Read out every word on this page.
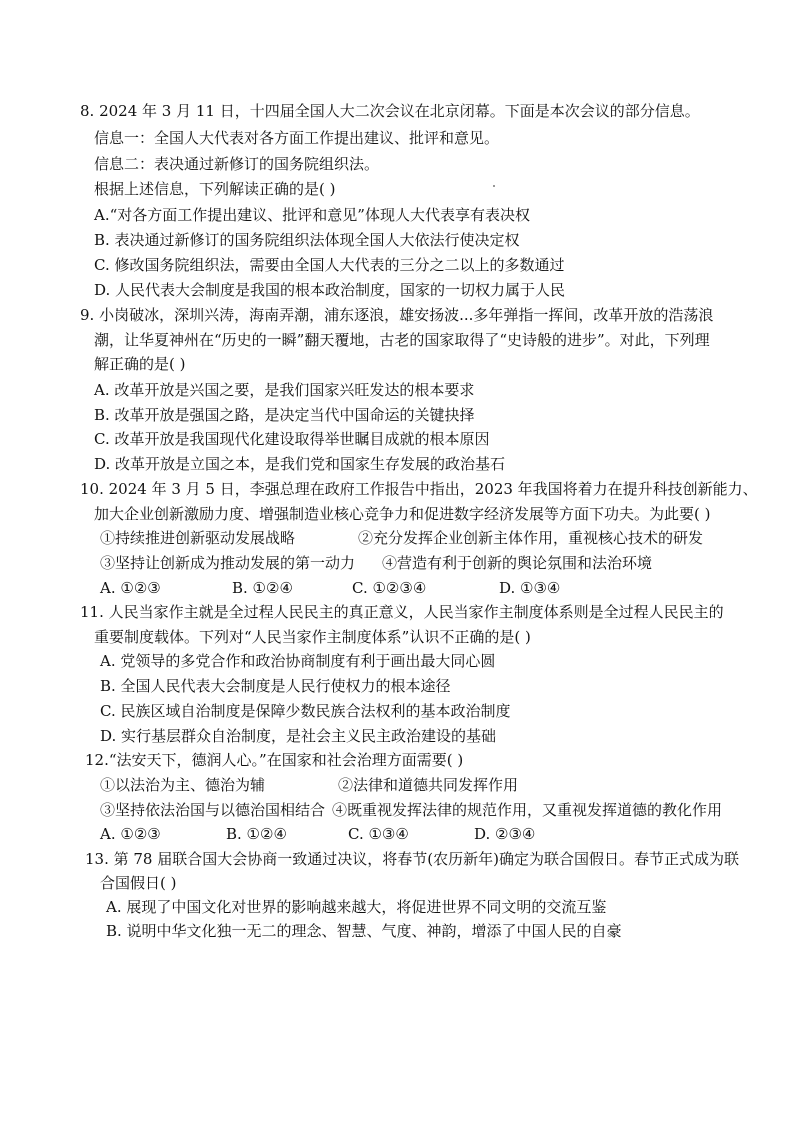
8. 2024 年 3 月 11 日，十四届全国人大二次会议在北京闭幕。下面是本次会议的部分信息。
信息一：全国人大代表对各方面工作提出建议、批评和意见。
信息二：表决通过新修订的国务院组织法。
根据上述信息，下列解读正确的是( )
A.“对各方面工作提出建议、批评和意见”体现人大代表享有表决权
B. 表决通过新修订的国务院组织法体现全国人大依法行使决定权
C. 修改国务院组织法，需要由全国人大代表的三分之二以上的多数通过
D. 人民代表大会制度是我国的根本政治制度，国家的一切权力属于人民
9. 小岗破冰，深圳兴涛，海南弄潮，浦东逐浪，雄安扬波...多年弹指一挥间，改革开放的浩荡浪
潮，让华夏神州在“历史的一瞬”翻天覆地，古老的国家取得了“史诗般的进步”。对此，下列理
解正确的是( )
A. 改革开放是兴国之要，是我们国家兴旺发达的根本要求
B. 改革开放是强国之路，是决定当代中国命运的关键抉择
C. 改革开放是我国现代化建设取得举世瞩目成就的根本原因
D. 改革开放是立国之本，是我们党和国家生存发展的政治基石
10. 2024 年 3 月 5 日，李强总理在政府工作报告中指出，2023 年我国将着力在提升科技创新能力、
加大企业创新激励力度、增强制造业核心竞争力和促进数字经济发展等方面下功夫。为此要( )
①持续推进创新驱动发展战略	②充分发挥企业创新主体作用，重视核心技术的研发
③坚持让创新成为推动发展的第一动力 ④营造有利于创新的舆论氛围和法治环境
A. ①②③	B. ①②④	C. ①②③④	D. ①③④
11. 人民当家作主就是全过程人民民主的真正意义，人民当家作主制度体系则是全过程人民民主的
重要制度载体。下列对“人民当家作主制度体系”认识不正确的是( )
A. 党领导的多党合作和政治协商制度有利于画出最大同心圆
B. 全国人民代表大会制度是人民行使权力的根本途径
C. 民族区域自治制度是保障少数民族合法权利的基本政治制度
D. 实行基层群众自治制度，是社会主义民主政治建设的基础
12.“法安天下，德润人心。”在国家和社会治理方面需要( )
①以法治为主、德治为辅	②法律和道德共同发挥作用
③坚持依法治国与以德治国相结合 ④既重视发挥法律的规范作用，又重视发挥道德的教化作用
A. ①②③	B. ①②④	C. ①③④	D. ②③④
13. 第 78 届联合国大会协商一致通过决议，将春节(农历新年)确定为联合国假日。春节正式成为联
合国假日( )
A. 展现了中国文化对世界的影响越来越大，将促进世界不同文明的交流互鉴
B. 说明中华文化独一无二的理念、智慧、气度、神韵，增添了中国人民的自豪
